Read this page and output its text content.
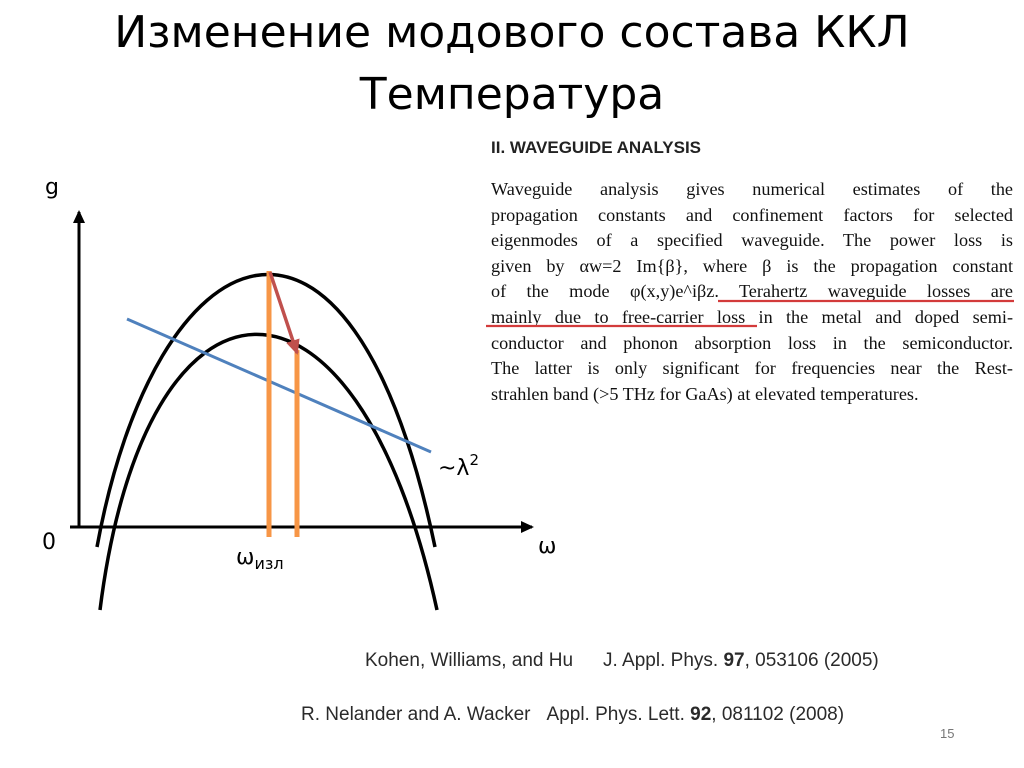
Изменение модового состава ККЛ
Температура
g
0	ω
$\omega_{изл}$
$\sim\lambda^2$
II. WAVEGUIDE ANALYSIS
Waveguide analysis gives numerical estimates of the
propagation constants and confinement factors for selected
eigenmodes of a specified waveguide. The power loss is
given by αw=2 Im{β}, where β is the propagation constant
of the mode φ(x,y)e^iβz. Terahertz waveguide losses are
mainly due to free-carrier loss in the metal and doped semi-
conductor and phonon absorption loss in the semiconductor.
The latter is only significant for frequencies near the Rest-
strahlen band (>5 THz for GaAs) at elevated temperatures.
Kohen, Williams, and Hu J. Appl. Phys. 97, 053106 (2005)
R. Nelander and A. Wacker Appl. Phys. Lett. 92, 081102 (2008)
15
